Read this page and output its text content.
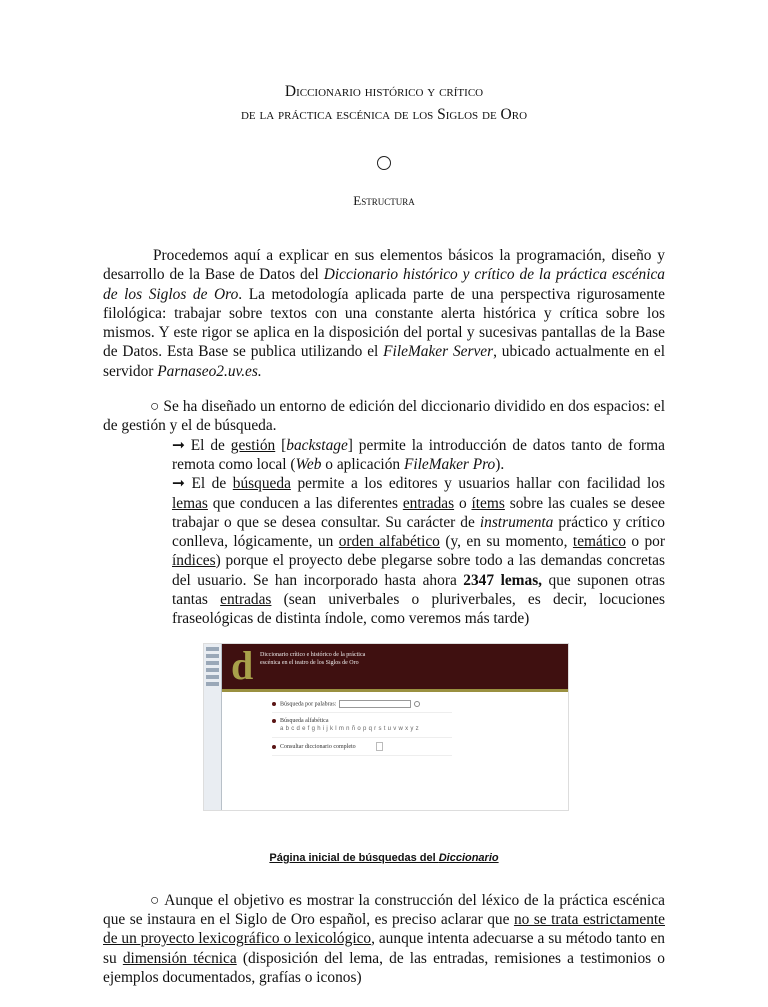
Diccionario histórico y crítico
de la práctica escénica de los Siglos de Oro
Estructura
Procedemos aquí a explicar en sus elementos básicos la programación, diseño y desarrollo de la Base de Datos del Diccionario histórico y crítico de la práctica escénica de los Siglos de Oro. La metodología aplicada parte de una perspectiva rigurosamente filológica: trabajar sobre textos con una constante alerta histórica y crítica sobre los mismos. Y este rigor se aplica en la disposición del portal y sucesivas pantallas de la Base de Datos. Esta Base se publica utilizando el FileMaker Server, ubicado actualmente en el servidor Parnaseo2.uv.es.
○ Se ha diseñado un entorno de edición del diccionario dividido en dos espacios: el de gestión y el de búsqueda.
➞ El de gestión [backstage] permite la introducción de datos tanto de forma remota como local (Web o aplicación FileMaker Pro).
➞ El de búsqueda permite a los editores y usuarios hallar con facilidad los lemas que conducen a las diferentes entradas o ítems sobre las cuales se desee trabajar o que se desea consultar. Su carácter de instrumenta práctico y crítico conlleva, lógicamente, un orden alfabético (y, en su momento, temático o por índices) porque el proyecto debe plegarse sobre todo a las demandas concretas del usuario. Se han incorporado hasta ahora 2347 lemas, que suponen otras tantas entradas (sean univerbales o pluriverbales, es decir, locuciones fraseológicas de distinta índole, como veremos más tarde)
d Diccionario crítico e histórico de la práctica escénica en el teatro de los Siglos de Oro
Búsqueda por palabras:
Búsqueda alfabética
a b c d e f g h i j k l m n ñ o p q r s t u v w x y z
Consultar diccionario completo
Página inicial de búsquedas del Diccionario
○ Aunque el objetivo es mostrar la construcción del léxico de la práctica escénica que se instaura en el Siglo de Oro español, es preciso aclarar que no se trata estrictamente de un proyecto lexicográfico o lexicológico, aunque intenta adecuarse a su método tanto en su dimensión técnica (disposición del lema, de las entradas, remisiones a testimonios o ejemplos documentados, grafías o iconos)
